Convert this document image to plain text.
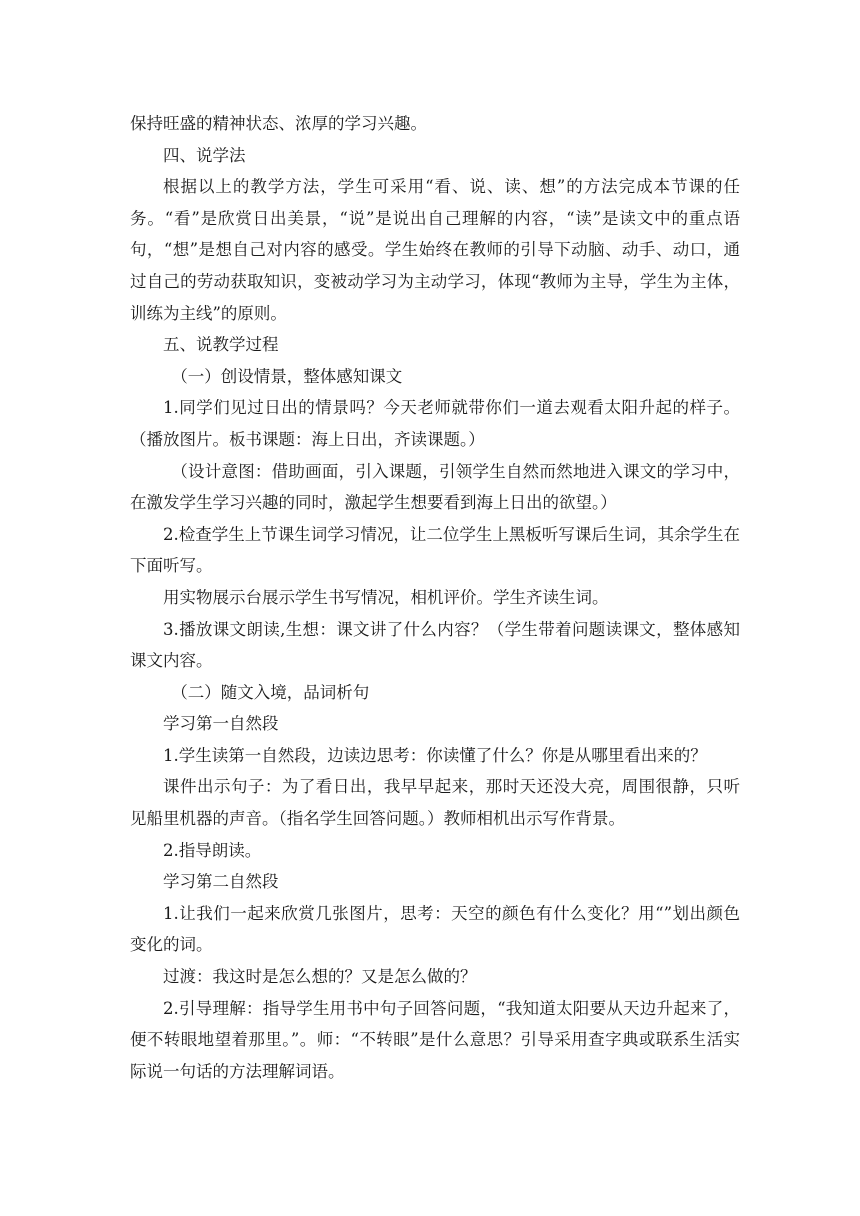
保持旺盛的精神状态、浓厚的学习兴趣。

四、说学法

根据以上的教学方法，学生可采用“看、说、读、想”的方法完成本节课的任务。“看”是欣赏日出美景，“说”是说出自己理解的内容，“读”是读文中的重点语句，“想”是想自己对内容的感受。学生始终在教师的引导下动脑、动手、动口，通过自己的劳动获取知识，变被动学习为主动学习，体现“教师为主导，学生为主体，训练为主线”的原则。

五、说教学过程

（一）创设情景，整体感知课文

1.同学们见过日出的情景吗？今天老师就带你们一道去观看太阳升起的样子。（播放图片。板书课题：海上日出，齐读课题。）

（设计意图：借助画面，引入课题，引领学生自然而然地进入课文的学习中，在激发学生学习兴趣的同时，激起学生想要看到海上日出的欲望。）

2.检查学生上节课生词学习情况，让二位学生上黑板听写课后生词，其余学生在下面听写。

用实物展示台展示学生书写情况，相机评价。学生齐读生词。

3.播放课文朗读,生想：课文讲了什么内容？（学生带着问题读课文，整体感知课文内容。

（二）随文入境，品词析句

学习第一自然段

1.学生读第一自然段，边读边思考：你读懂了什么？你是从哪里看出来的？

课件出示句子：为了看日出，我早早起来，那时天还没大亮，周围很静，只听见船里机器的声音。（指名学生回答问题。）教师相机出示写作背景。

2.指导朗读。

学习第二自然段

1.让我们一起来欣赏几张图片，思考：天空的颜色有什么变化？用“”划出颜色变化的词。

过渡：我这时是怎么想的？又是怎么做的？

2.引导理解：指导学生用书中句子回答问题，“我知道太阳要从天边升起来了，便不转眼地望着那里。”。师：“不转眼”是什么意思？引导采用查字典或联系生活实际说一句话的方法理解词语。
